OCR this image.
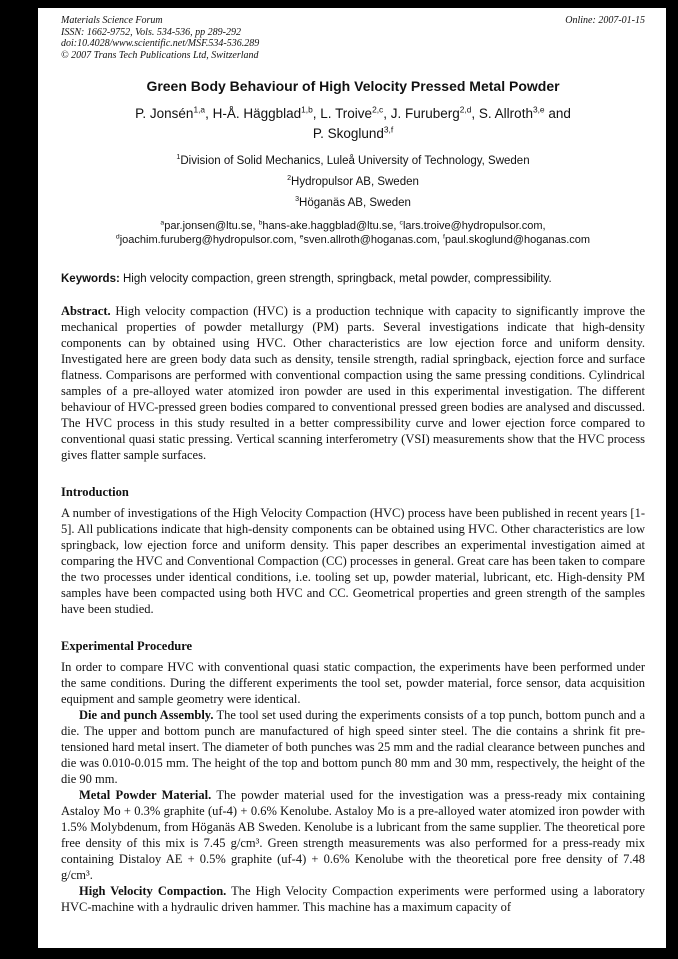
Materials Science Forum
ISSN: 1662-9752, Vols. 534-536, pp 289-292
doi:10.4028/www.scientific.net/MSF.534-536.289
© 2007 Trans Tech Publications Ltd, Switzerland
Online: 2007-01-15
Green Body Behaviour of High Velocity Pressed Metal Powder
P. Jonsén$^{1,a}$, H-Å. Häggblad$^{1,b}$, L. Troive$^{2,c}$, J. Furuberg$^{2,d}$, S. Allroth$^{3,e}$ and
P. Skoglund$^{3,f}$
$^1$Division of Solid Mechanics, Luleå University of Technology, Sweden
$^2$Hydropulsor AB, Sweden
$^3$Höganäs AB, Sweden
$^a$par.jonsen@ltu.se, $^b$hans-ake.haggblad@ltu.se, $^c$lars.troive@hydropulsor.com,
$^d$joachim.furuberg@hydropulsor.com, $^e$sven.allroth@hoganas.com, $^f$paul.skoglund@hoganas.com
Keywords: High velocity compaction, green strength, springback, metal powder, compressibility.

Abstract. High velocity compaction (HVC) is a production technique with capacity to significantly improve the mechanical properties of powder metallurgy (PM) parts. Several investigations indicate that high-density components can by obtained using HVC. Other characteristics are low ejection force and uniform density. Investigated here are green body data such as density, tensile strength, radial springback, ejection force and surface flatness. Comparisons are performed with conventional compaction using the same pressing conditions. Cylindrical samples of a pre-alloyed water atomized iron powder are used in this experimental investigation. The different behaviour of HVC-pressed green bodies compared to conventional pressed green bodies are analysed and discussed. The HVC process in this study resulted in a better compressibility curve and lower ejection force compared to conventional quasi static pressing. Vertical scanning interferometry (VSI) measurements show that the HVC process gives flatter sample surfaces.

Introduction

A number of investigations of the High Velocity Compaction (HVC) process have been published in recent years [1-5]. All publications indicate that high-density components can be obtained using HVC. Other characteristics are low springback, low ejection force and uniform density. This paper describes an experimental investigation aimed at comparing the HVC and Conventional Compaction (CC) processes in general. Great care has been taken to compare the two processes under identical conditions, i.e. tooling set up, powder material, lubricant, etc. High-density PM samples have been compacted using both HVC and CC. Geometrical properties and green strength of the samples have been studied.

Experimental Procedure

In order to compare HVC with conventional quasi static compaction, the experiments have been performed under the same conditions. During the different experiments the tool set, powder material, force sensor, data acquisition equipment and sample geometry were identical.

Die and punch Assembly. The tool set used during the experiments consists of a top punch, bottom punch and a die. The upper and bottom punch are manufactured of high speed sinter steel. The die contains a shrink fit pre-tensioned hard metal insert. The diameter of both punches was 25 mm and the radial clearance between punches and die was 0.010-0.015 mm. The height of the top and bottom punch 80 mm and 30 mm, respectively, the height of the die 90 mm.

Metal Powder Material. The powder material used for the investigation was a press-ready mix containing Astaloy Mo + 0.3% graphite (uf-4) + 0.6% Kenolube. Astaloy Mo is a pre-alloyed water atomized iron powder with 1.5% Molybdenum, from Höganäs AB Sweden. Kenolube is a lubricant from the same supplier. The theoretical pore free density of this mix is 7.45 g/cm³. Green strength measurements was also performed for a press-ready mix containing Distaloy AE + 0.5% graphite (uf-4) + 0.6% Kenolube with the theoretical pore free density of 7.48 g/cm³.

High Velocity Compaction. The High Velocity Compaction experiments were performed using a laboratory HVC-machine with a hydraulic driven hammer. This machine has a maximum capacity of
